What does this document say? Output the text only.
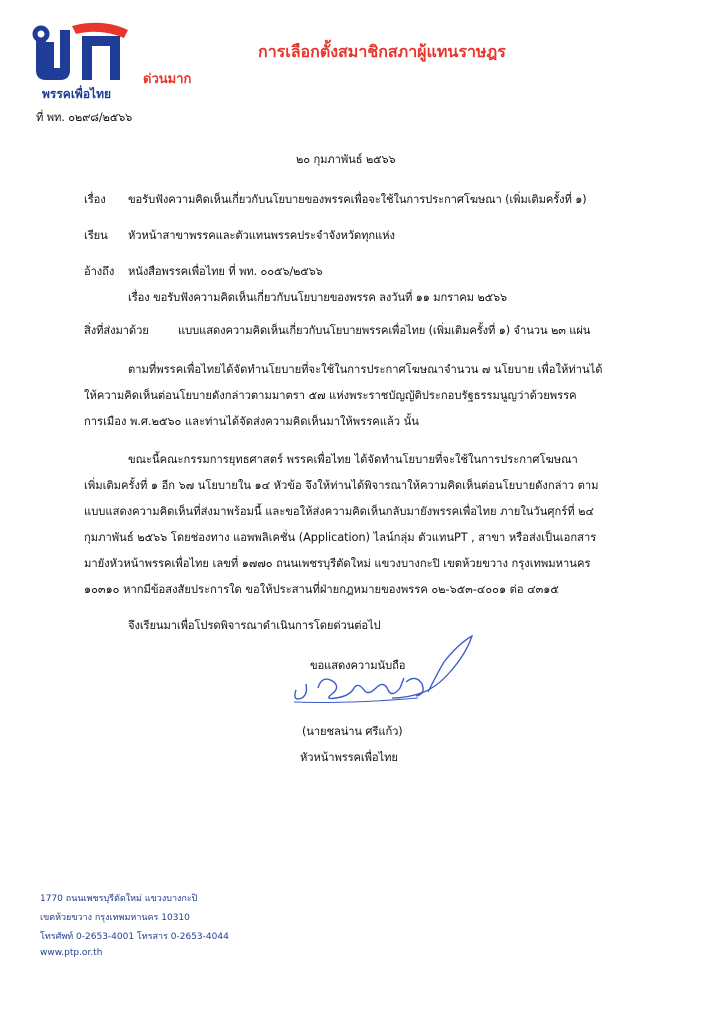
พรรคเพื่อไทย
ด่วนมาก
การเลือกตั้งสมาชิกสภาผู้แทนราษฎร
ที่ พท. ๐๒๙๘/๒๕๖๖
๒๐ กุมภาพันธ์ ๒๕๖๖
เรื่อง ขอรับฟังความคิดเห็นเกี่ยวกับนโยบายของพรรคเพื่อจะใช้ในการประกาศโฆษณา (เพิ่มเติมครั้งที่ ๑)
เรียน หัวหน้าสาขาพรรคและตัวแทนพรรคประจำจังหวัดทุกแห่ง
อ้างถึง หนังสือพรรคเพื่อไทย ที่ พท. ๐๐๕๖/๒๕๖๖
เรื่อง ขอรับฟังความคิดเห็นเกี่ยวกับนโยบายของพรรค ลงวันที่ ๑๑ มกราคม ๒๕๖๖
สิ่งที่ส่งมาด้วย	แบบแสดงความคิดเห็นเกี่ยวกับนโยบายพรรคเพื่อไทย (เพิ่มเติมครั้งที่ ๑) จำนวน ๒๓ แผ่น
ตามที่พรรคเพื่อไทยได้จัดทำนโยบายที่จะใช้ในการประกาศโฆษณาจำนวน ๗ นโยบาย เพื่อให้ท่านได้
ให้ความคิดเห็นต่อนโยบายดังกล่าวตามมาตรา ๕๗ แห่งพระราชบัญญัติประกอบรัฐธรรมนูญว่าด้วยพรรค
การเมือง พ.ศ.๒๕๖๐ และท่านได้จัดส่งความคิดเห็นมาให้พรรคแล้ว นั้น
ขณะนี้คณะกรรมการยุทธศาสตร์ พรรคเพื่อไทย ได้จัดทำนโยบายที่จะใช้ในการประกาศโฆษณา
เพิ่มเติมครั้งที่ ๑ อีก ๖๗ นโยบายใน ๑๔ หัวข้อ จึงให้ท่านได้พิจารณาให้ความคิดเห็นต่อนโยบายดังกล่าว ตาม
แบบแสดงความคิดเห็นที่ส่งมาพร้อมนี้ และขอให้ส่งความคิดเห็นกลับมายังพรรคเพื่อไทย ภายในวันศุกร์ที่ ๒๔
กุมภาพันธ์ ๒๕๖๖ โดยช่องทาง แอพพลิเคชั่น (Application) ไลน์กลุ่ม ตัวแทนPT , สาขา หรือส่งเป็นเอกสาร
มายังหัวหน้าพรรคเพื่อไทย เลขที่ ๑๗๗๐ ถนนเพชรบุรีตัดใหม่ แขวงบางกะปิ เขตห้วยขวาง กรุงเทพมหานคร
๑๐๓๑๐ หากมีข้อสงสัยประการใด ขอให้ประสานที่ฝ่ายกฎหมายของพรรค ๐๒-๖๕๓-๔๐๐๑ ต่อ ๔๓๑๕
จึงเรียนมาเพื่อโปรดพิจารณาดำเนินการโดยด่วนต่อไป
ขอแสดงความนับถือ
(นายชลน่าน ศรีแก้ว)
หัวหน้าพรรคเพื่อไทย
1770 ถนนเพชรบุรีตัดใหม่ แขวงบางกะปิ
เขตห้วยขวาง กรุงเทพมหานคร 10310
โทรศัพท์ 0-2653-4001 โทรสาร 0-2653-4044
www.ptp.or.th
